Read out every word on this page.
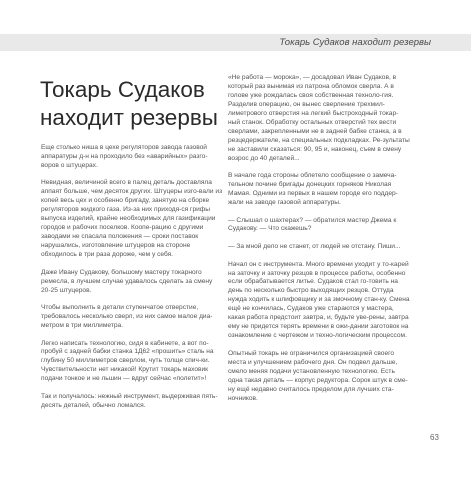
Токарь Судаков находит резервы
Токарь Судаков находит резервы

Еще столько ниша в цехе регуляторов завода газовой аппаратуры д-н на проходило без «аварийных» разго-воров о штуцерах.

Невидная, величиной всего в палец деталь доставляла аппаят больше, чем десяток других. Штуцеры изго-вали из копей весь цех и особенно бригаду, занятую на сборке регуляторов жидкого газа. Из-за них приходя-ся грифы выпуска изделий, крайне необходимых для газификации городов и рабочих поселков. Коопе-рацию с другими заводами не спасала положения — сроки поставок нарушались, изготовление штуцеров на стороне обходилось в три раза дороже, чем у себя.

Даже Ивану Судакову, большому мастеру токарного ремесла, в лучшем случае удавалось сделать за смену 20-25 штуцеров.

Чтобы выполнить в детали ступенчатое отверстие, требовалось несколько сверл, из них самое малое диа-метром в три миллиметра.

Легко написать технологию, сидя в кабинете, а вот по-пробуй с задней бабки станка 1Д62 «прошить» сталь на глубину 50 миллиметров сверлом, чуть толще спич-ки. Чувствительности нет никакой! Крутит токарь маховик подачи тонкое и не льшин — вдруг сейчас «полетит»!

Так и получалось: нежный инструмент, выдерживая пять-десять деталей, обычно ломался.

«Не работа — морока», — досадовал Иван Судаков, в который раз вынимая из патрона обломок сверла. А в голове уже рождалась своя собственная техноло-гия. Разделив операцию, он вынес сверление трехмил-лиметрового отверстия на легкий быстроходный токар-ный станок. Обработку остальных отверстий тех вести сверлами, закрепленными не в задней бабке станка, а в резцедержателе, на специальных подкладках. Ре-зультаты не заставили сказаться: 90, 95 и, наконец, съем в смену возрос до 40 деталей...

В начале года стороны облетело сообщение о замеча-тельном почине бригады донецких горняков Николая Мамая. Одними из первых в нашем городе его поддер-жали на заводе газовой аппаратуры.

— Слышал о шахтерах? — обратился мастер Джема к Судакову. — Что скажешь?

— За мной дело не станет, от людей не отстану. Пиши...

Начал он с инструмента. Много времени уходит у то-карей на заточку и заточку резцов в процессе работы, особенно если обрабатывается литье. Судаков стал го-товить на день по несколько быстро выходящих резцов. Оттуда нужда ходить к шлифовщику и за змочному стан-ку. Смена ещё не кончилась, Судаков уже стараются у мастера, какая работа предстоит завтра, и, будьте уве-рены, завтра ему не придется терять времени в ожи-дании заготовок на ознакомление с чертежом и техно-логическим процессом.

Опытный токарь не ограничился организацией своего места и улучшением рабочего дня. Он подвел дальше, смело меняя подачи установленную технологию. Есть одна такая деталь — корпус редуктора. Сорок штук в сме-ну ещё недавно считалось пределом для лучших ста-ночников.

63
